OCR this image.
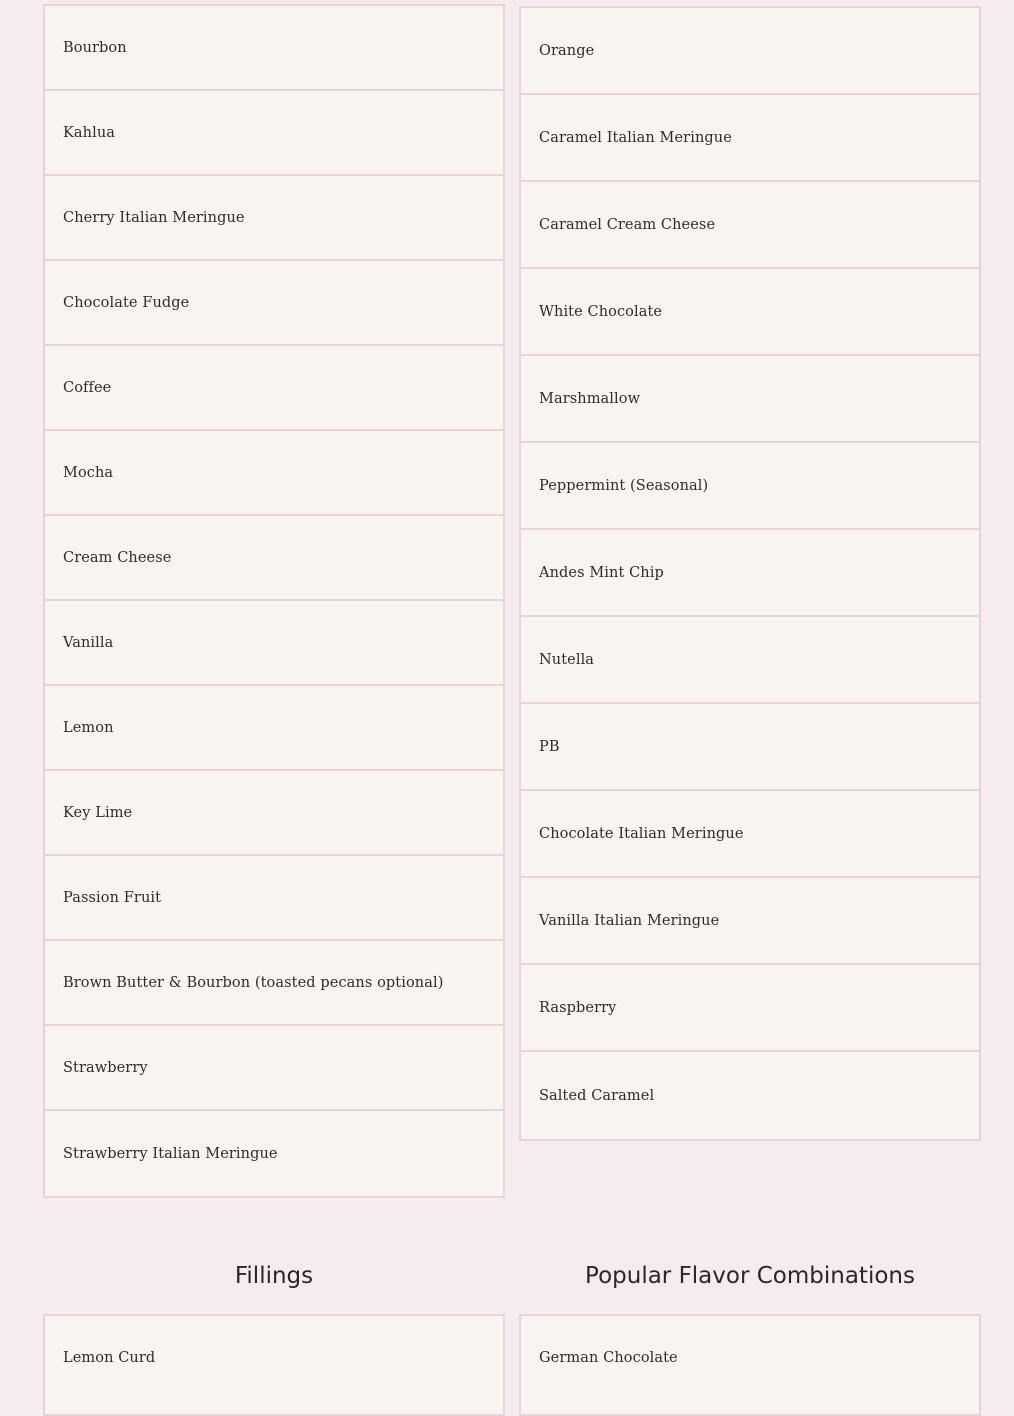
Bourbon
Kahlua
Cherry Italian Meringue
Chocolate Fudge
Coffee
Mocha
Cream Cheese
Vanilla
Lemon
Key Lime
Passion Fruit
Brown Butter & Bourbon (toasted pecans optional)
Strawberry
Strawberry Italian Meringue
Orange
Caramel Italian Meringue
Caramel Cream Cheese
White Chocolate
Marshmallow
Peppermint (Seasonal)
Andes Mint Chip
Nutella
PB
Chocolate Italian Meringue
Vanilla Italian Meringue
Raspberry
Salted Caramel
Fillings
Lemon Curd
Popular Flavor Combinations
German Chocolate
